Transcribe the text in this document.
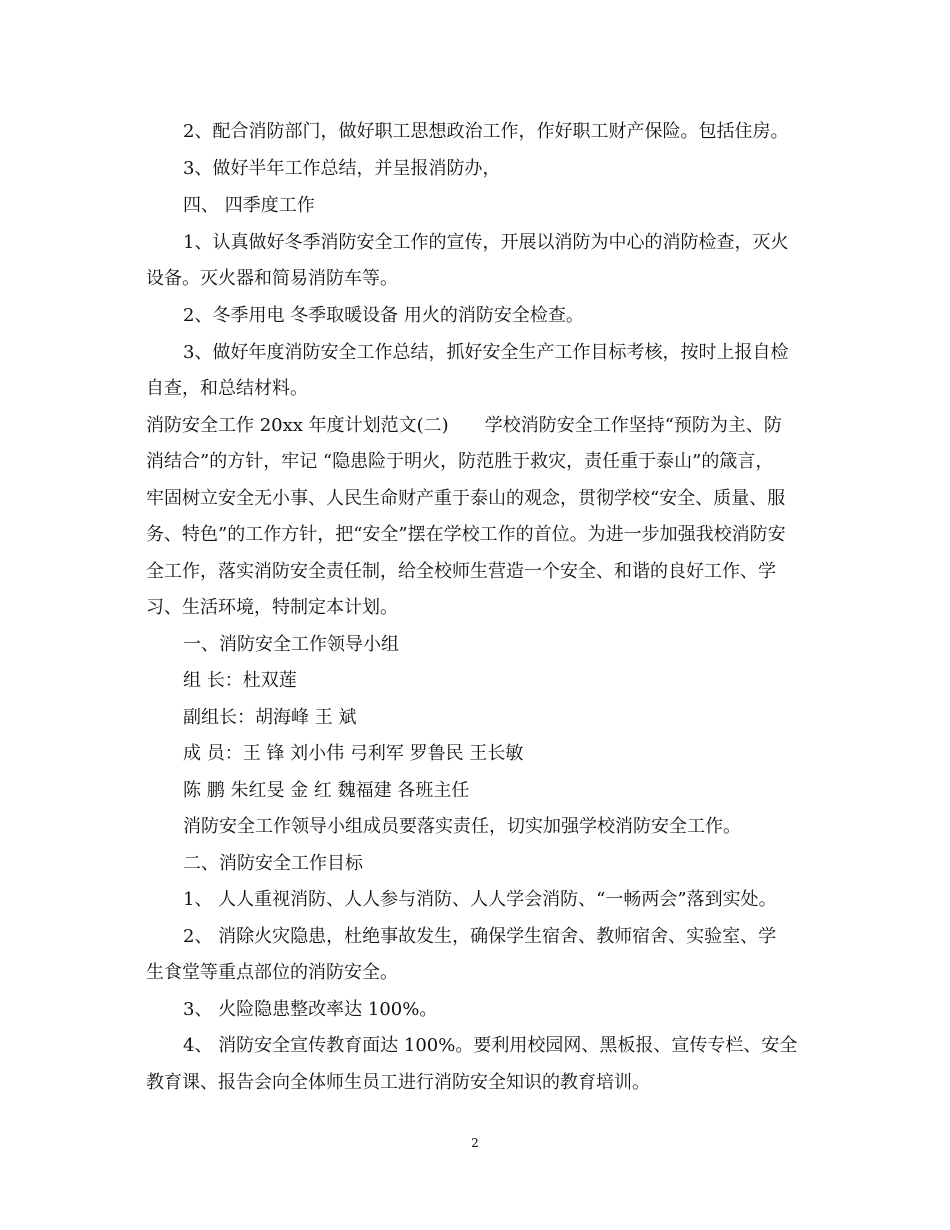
2、配合消防部门，做好职工思想政治工作，作好职工财产保险。包括住房。
3、做好半年工作总结，并呈报消防办，
四、 四季度工作
1、认真做好冬季消防安全工作的宣传，开展以消防为中心的消防检查，灭火
设备。灭火器和简易消防车等。
2、冬季用电 冬季取暖设备 用火的消防安全检查。
3、做好年度消防安全工作总结，抓好安全生产工作目标考核，按时上报自检
自查，和总结材料。
消防安全工作 20xx 年度计划范文(二)　　学校消防安全工作坚持“预防为主、防
消结合”的方针，牢记 “隐患险于明火，防范胜于救灾，责任重于泰山”的箴言，
牢固树立安全无小事、人民生命财产重于泰山的观念，贯彻学校“安全、质量、服
务、特色”的工作方针，把“安全”摆在学校工作的首位。为进一步加强我校消防安
全工作，落实消防安全责任制，给全校师生营造一个安全、和谐的良好工作、学
习、生活环境，特制定本计划。
一、消防安全工作领导小组
组 长：杜双莲
副组长：胡海峰 王 斌
成 员：王 锋 刘小伟 弓利军 罗鲁民 王长敏
陈 鹏 朱红旻 金 红 魏福建 各班主任
消防安全工作领导小组成员要落实责任，切实加强学校消防安全工作。
二、消防安全工作目标
1、 人人重视消防、人人参与消防、人人学会消防、“一畅两会”落到实处。
2、 消除火灾隐患，杜绝事故发生，确保学生宿舍、教师宿舍、实验室、学
生食堂等重点部位的消防安全。
3、 火险隐患整改率达 100%。
4、 消防安全宣传教育面达 100%。要利用校园网、黑板报、宣传专栏、安全
教育课、报告会向全体师生员工进行消防安全知识的教育培训。
2
